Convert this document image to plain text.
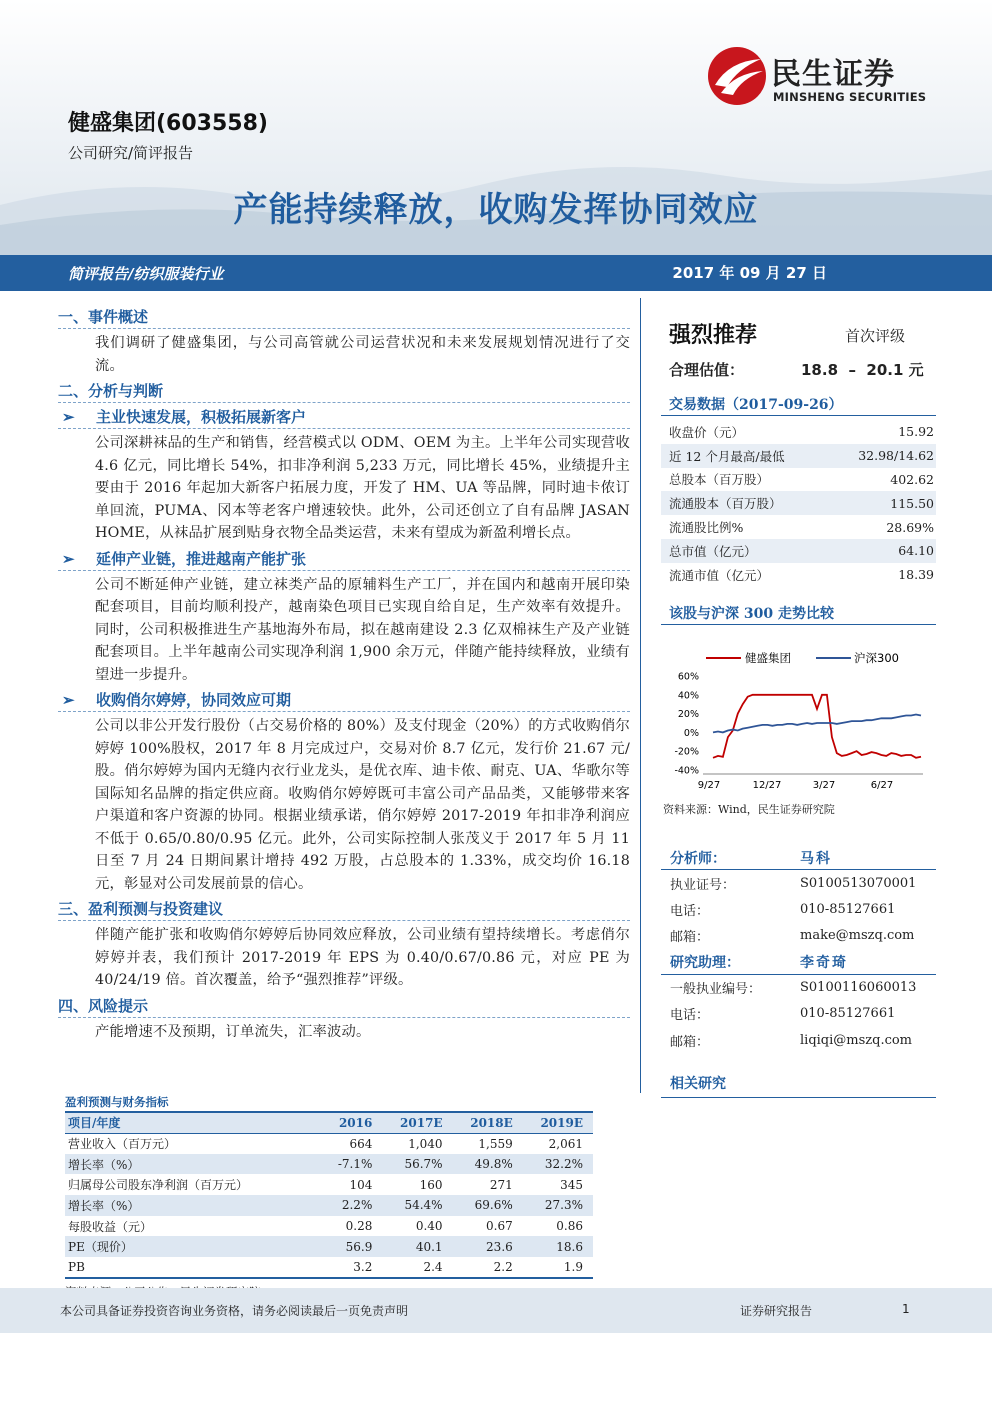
民生证券
MINSHENG SECURITIES
健盛集团(603558)
公司研究/简评报告
产能持续释放，收购发挥协同效应
简评报告/纺织服装行业	2017 年 09 月 27 日
一、事件概述
我们调研了健盛集团，与公司高管就公司运营状况和未来发展规划情况进行了交流。
二、分析与判断
➢	主业快速发展，积极拓展新客户
公司深耕袜品的生产和销售，经营模式以 ODM、OEM 为主。上半年公司实现营收 4.6 亿元，同比增长 54%，扣非净利润 5,233 万元，同比增长 45%，业绩提升主要由于 2016 年起加大新客户拓展力度，开发了 HM、UA 等品牌，同时迪卡侬订单回流，PUMA、冈本等老客户增速较快。此外，公司还创立了自有品牌 JASAN HOME，从袜品扩展到贴身衣物全品类运营，未来有望成为新盈利增长点。
➢	延伸产业链，推进越南产能扩张
公司不断延伸产业链，建立袜类产品的原辅料生产工厂，并在国内和越南开展印染配套项目，目前均顺利投产，越南染色项目已实现自给自足，生产效率有效提升。同时，公司积极推进生产基地海外布局，拟在越南建设 2.3 亿双棉袜生产及产业链配套项目。上半年越南公司实现净利润 1,900 余万元，伴随产能持续释放，业绩有望进一步提升。
➢	收购俏尔婷婷，协同效应可期
公司以非公开发行股份（占交易价格的 80%）及支付现金（20%）的方式收购俏尔婷婷 100%股权，2017 年 8 月完成过户，交易对价 8.7 亿元，发行价 21.67 元/股。俏尔婷婷为国内无缝内衣行业龙头，是优衣库、迪卡侬、耐克、UA、华歌尔等国际知名品牌的指定供应商。收购俏尔婷婷既可丰富公司产品品类，又能够带来客户渠道和客户资源的协同。根据业绩承诺，俏尔婷婷 2017-2019 年扣非净利润应不低于 0.65/0.80/0.95 亿元。此外，公司实际控制人张茂义于 2017 年 5 月 11 日至 7 月 24 日期间累计增持 492 万股，占总股本的 1.33%，成交均价 16.18 元，彰显对公司发展前景的信心。
三、盈利预测与投资建议
伴随产能扩张和收购俏尔婷婷后协同效应释放，公司业绩有望持续增长。考虑俏尔婷婷并表，我们预计 2017-2019 年 EPS 为 0.40/0.67/0.86 元，对应 PE 为 40/24/19 倍。首次覆盖，给予“强烈推荐”评级。
四、风险提示
产能增速不及预期，订单流失，汇率波动。
盈利预测与财务指标
项目/年度	2016	2017E	2018E	2019E
营业收入（百万元）	664	1,040	1,559	2,061
增长率（%）	-7.1%	56.7%	49.8%	32.2%
归属母公司股东净利润（百万元）	104	160	271	345
增长率（%）	2.2%	54.4%	69.6%	27.3%
每股收益（元）	0.28	0.40	0.67	0.86
PE（现价）	56.9	40.1	23.6	18.6
PB	3.2	2.4	2.2	1.9
强烈推荐	首次评级
合理估值：	18.8  –  20.1 元
交易数据（2017-09-26）
收盘价（元）	15.92
近 12 个月最高/最低	32.98/14.62
总股本（百万股）	402.62
流通股本（百万股）	115.50
流通股比例%	28.69%
总市值（亿元）	64.10
流通市值（亿元）	18.39
该股与沪深 300 走势比较
健盛集团	沪深300
60%
40%
20%
0%
-20%
-40%
9/27	12/27	3/27	6/27
资料来源：Wind，民生证券研究院
分析师：	马科
执业证号：	S0100513070001
电话：	010-85127661
邮箱：	make@mszq.com
研究助理：	李奇琦
一般执业编号：	S0100116060013
电话：	010-85127661
邮箱：	liqiqi@mszq.com
相关研究
本公司具备证券投资咨询业务资格，请务必阅读最后一页免责声明	证券研究报告	1
